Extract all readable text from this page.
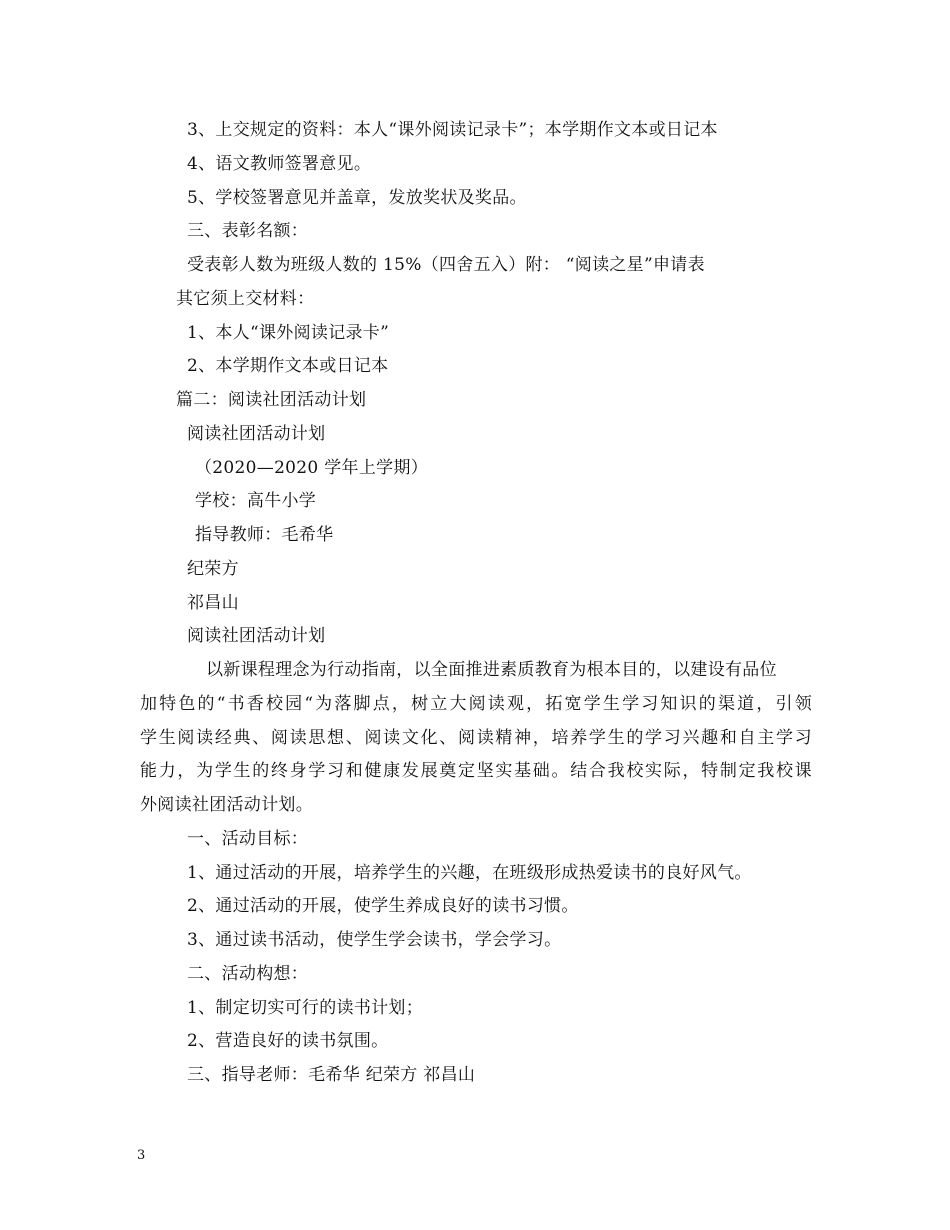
3、上交规定的资料：本人“课外阅读记录卡”；本学期作文本或日记本
4、语文教师签署意见。
5、学校签署意见并盖章，发放奖状及奖品。
三、表彰名额：
受表彰人数为班级人数的 15%（四舍五入）附： “阅读之星”申请表
其它须上交材料：
1、本人“课外阅读记录卡”
2、本学期作文本或日记本
篇二：阅读社团活动计划
阅读社团活动计划
（2020—2020 学年上学期）
学校：高牛小学
指导教师：毛希华
纪荣方
祁昌山
阅读社团活动计划
以新课程理念为行动指南，以全面推进素质教育为根本目的，以建设有品位
加特色的“书香校园“为落脚点，树立大阅读观，拓宽学生学习知识的渠道，引领
学生阅读经典、阅读思想、阅读文化、阅读精神，培养学生的学习兴趣和自主学习
能力，为学生的终身学习和健康发展奠定坚实基础。结合我校实际，特制定我校课
外阅读社团活动计划。
一、活动目标：
1、通过活动的开展，培养学生的兴趣，在班级形成热爱读书的良好风气。
2、通过活动的开展，使学生养成良好的读书习惯。
3、通过读书活动，使学生学会读书，学会学习。
二、活动构想：
1、制定切实可行的读书计划；
2、营造良好的读书氛围。
三、指导老师：毛希华 纪荣方 祁昌山
3
